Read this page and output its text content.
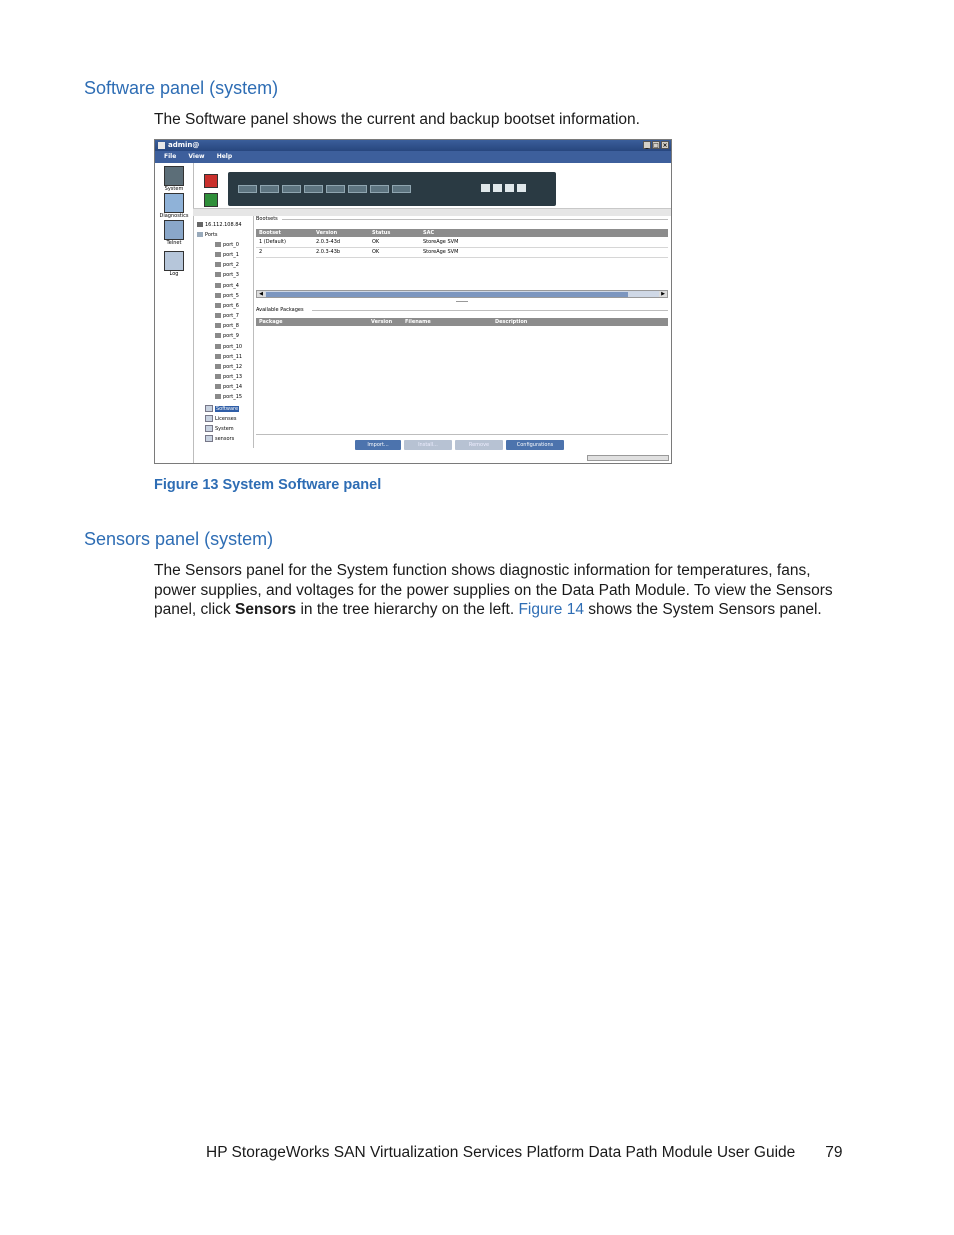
Software panel (system)

The Software panel shows the current and backup bootset information.

admin@	_ □ ×
File View Help
System
Diagnostics
Telnet
Log
16.112.108.84
Ports
port_0
port_1
port_2
port_3
port_4
port_5
port_6
port_7
port_8
port_9
port_10
port_11
port_12
port_13
port_14
port_15
Software
Licenses
System
sensors
Bootsets
Bootset	Version	Status	SAC
1 (Default)	2.0.3-43d	OK	StoreAge SVM
2	2.0.3-43b	OK	StoreAge SVM
◀	▶
Available Packages
Package	Version	Filename	Description
Import...	Install...	Remove	Configurations
Figure 13 System Software panel
Sensors panel (system)

The Sensors panel for the System function shows diagnostic information for temperatures, fans, power supplies, and voltages for the power supplies on the Data Path Module. To view the Sensors panel, click Sensors in the tree hierarchy on the left. Figure 14 shows the System Sensors panel.

HP StorageWorks SAN Virtualization Services Platform Data Path Module User Guide 79
